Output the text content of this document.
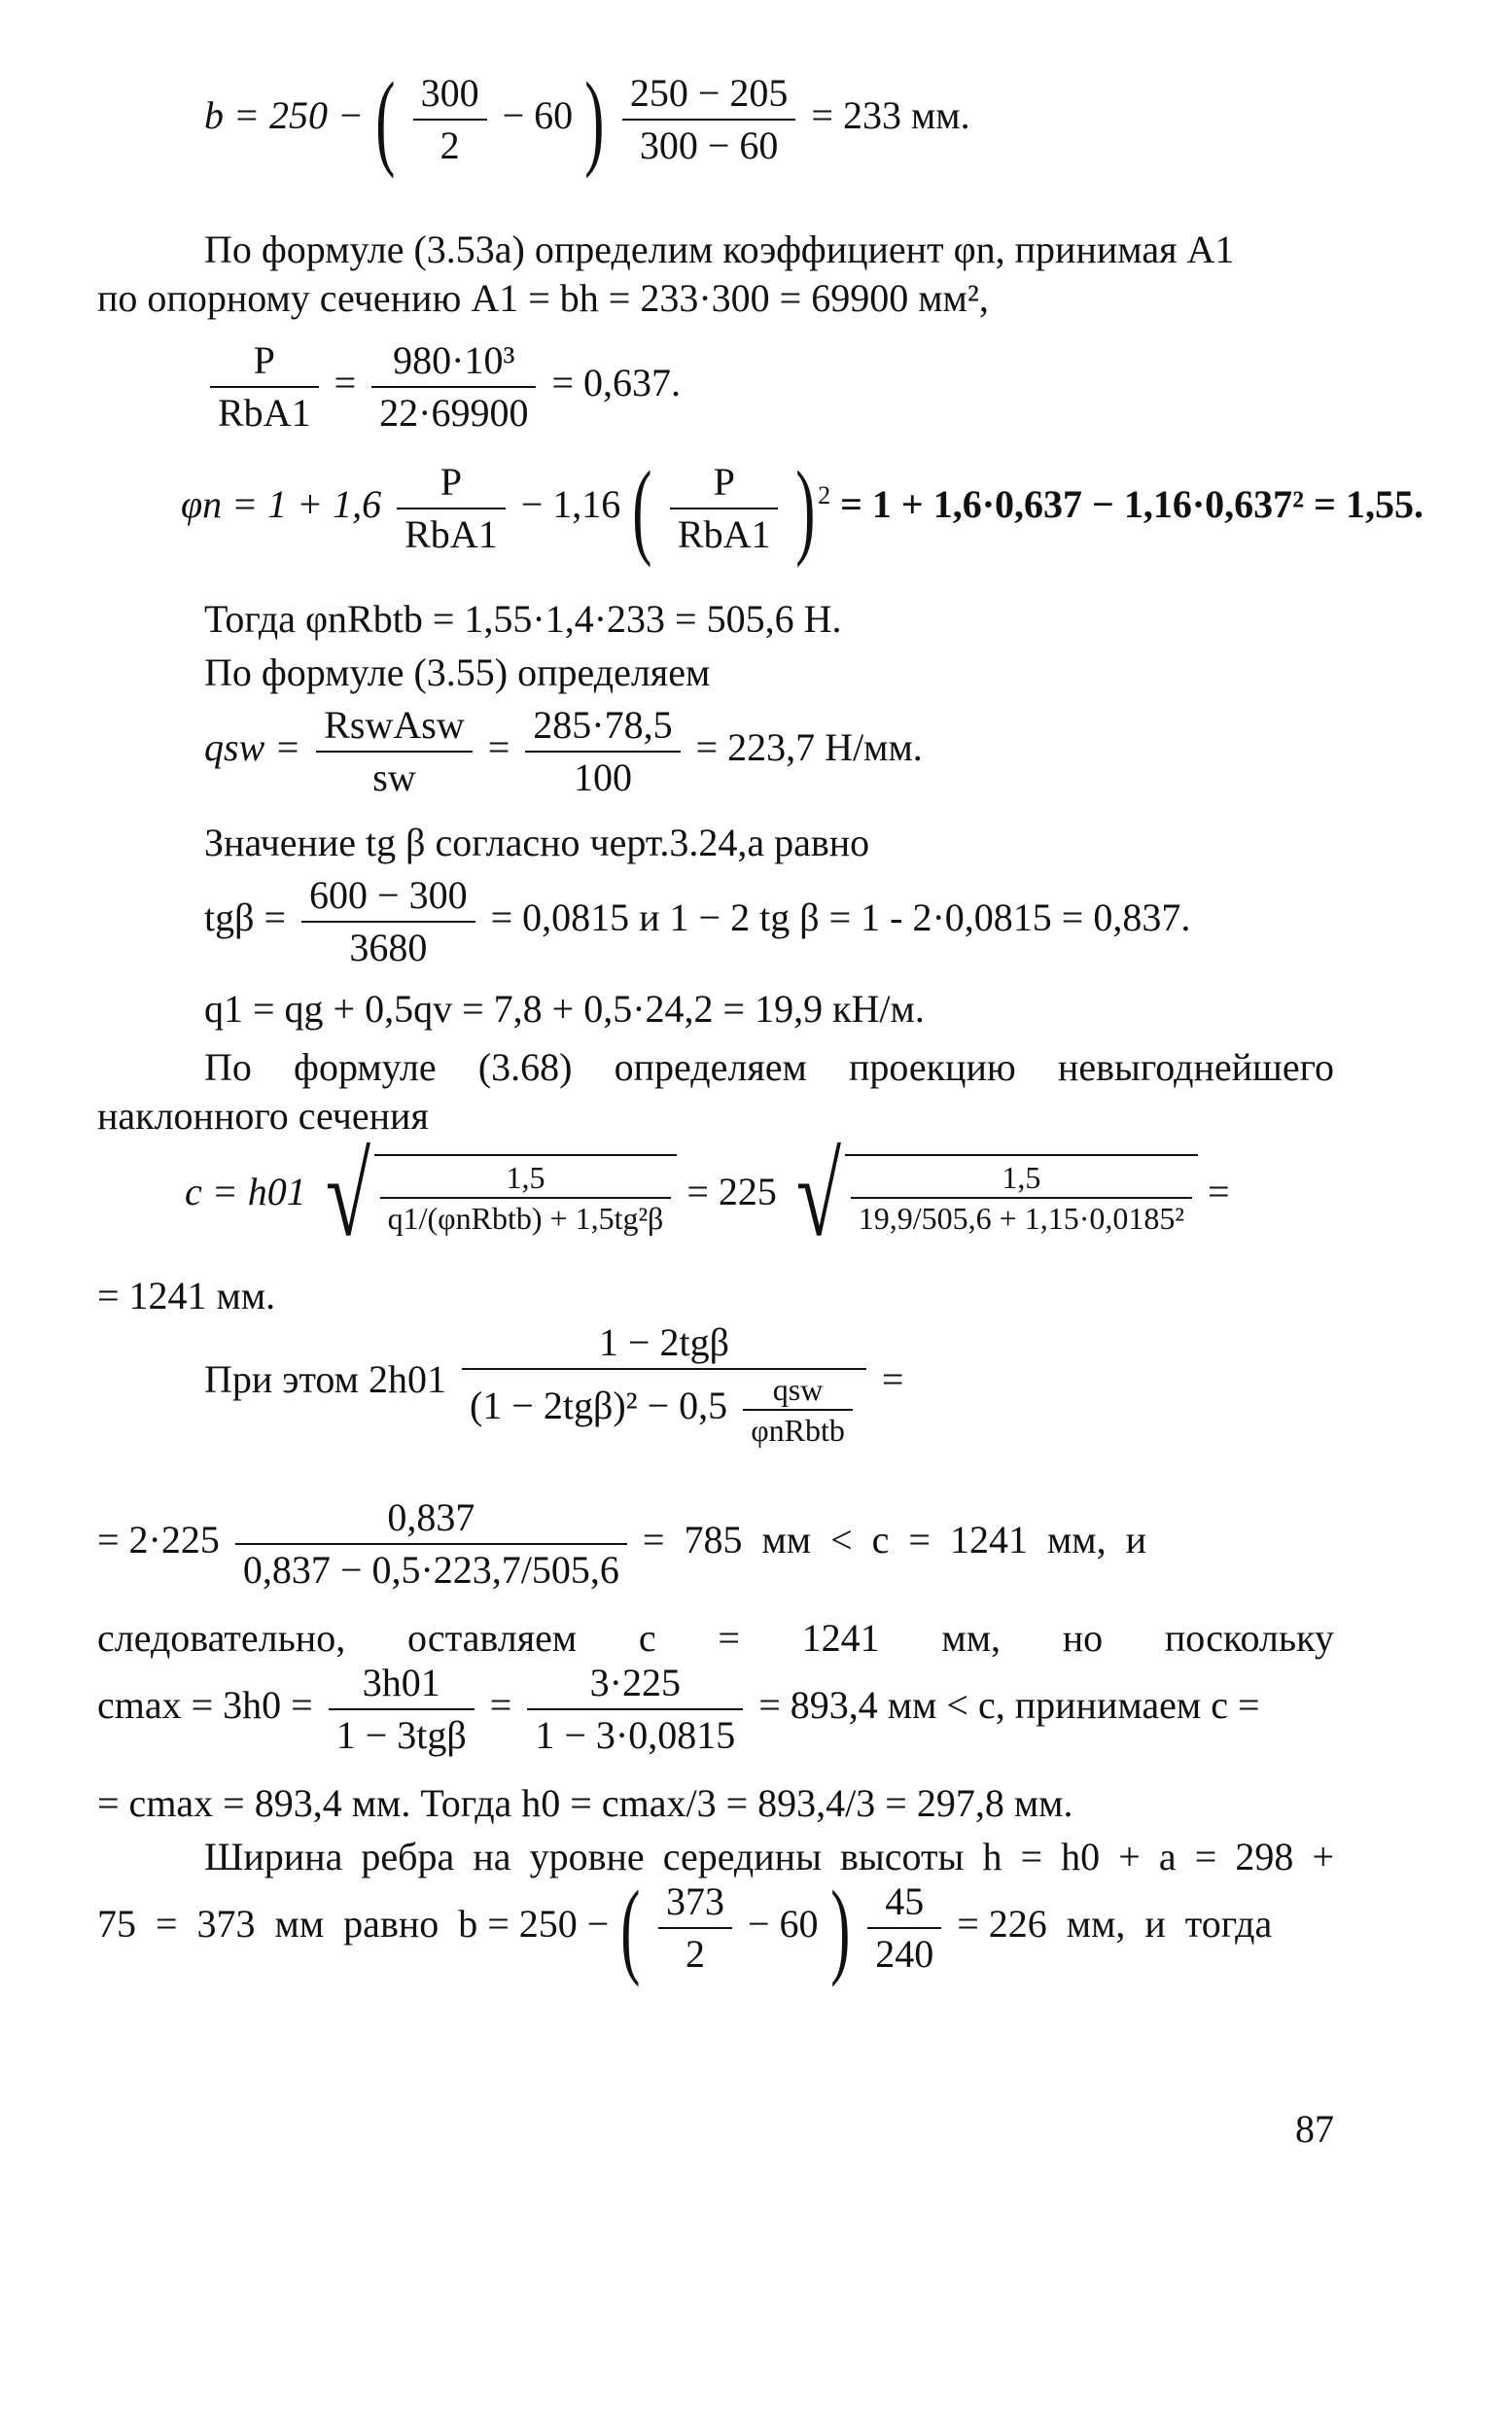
b = 250 − ( $\frac{300}{2} - 60$ ) $\frac{250 - 205}{300 - 60} = 233$ мм.
По формуле (3.53а) определим коэффициент φn, принимая A1
по опорному сечению A1 = bh = 233·300 = 69900 мм²,
$\frac{P}{\text{RbA1}} = \frac{\text{980·10³}}{22\cdot 69900} = 0,637$.
$\varphi n = 1 + 1,6 \frac{P}{\text{RbA1}} - 1,16$ ( $\frac{P}{\text{RbA1}} )^2 = 1 + 1,6\cdot 0,637 - 1,16\cdot 0,637^2 = 1,55$.
Тогда φnRbtb = 1,55·1,4·233 = 505,6 Н.
По формуле (3.55) определяем
qsw = $\frac{\text{RswAsw}}{sw} = \frac{285\cdot 78,5}{100} = 223,7$ Н/мм.
Значение tg β согласно черт.3.24,а равно
$tg\beta = \frac{600 - 300}{3680} = 0,0815$ и 1 − 2 tg β = 1 - 2·0,0815 = 0,837.
q1 = qg + 0,5qv = 7,8 + 0,5·24,2 = 19,9 кН/м.
По формуле (3.68) определяем проекцию невыгоднейшего
наклонного сечения
c = h01 √ $\frac{1,5}{\text{q1/(φnRbtb) + 1,5tg²β}} = 225$ √ $\frac{1,5}{\text{19,9/505,6 + 1,15·0,0185²}}$ =
= 1241 мм.
При этом $2h01 \frac{\text{1 − 2tgβ}}{(1 - 2tg\beta)^2 - 0,5 \frac{\text{qsw}}{\text{φnRbtb}}}$ =
= $2\cdot 225 \frac{0,837}{0,837 - 0,5\cdot 223,7/505,6} = 785$  мм  <  c  =  1241  мм,  и
следовательно, оставляем c = 1241 мм, но поскольку
$cmax = 3h0 = \frac{3h01}{\text{1 − 3tgβ}} = \frac{3\cdot 225}{1 - 3\cdot 0,0815} = 893,4$ мм < c, принимаем c =
= cmax = 893,4 мм. Тогда h0 = cmax/3 = 893,4/3 = 297,8 мм.
Ширина ребра на уровне середины высоты h = h0 + a = 298 +
75  =  373  мм  равно  b = 250 − ( $\frac{373}{2} - 60$ ) $\frac{45}{240} = 226$  мм,  и  тогда
87
